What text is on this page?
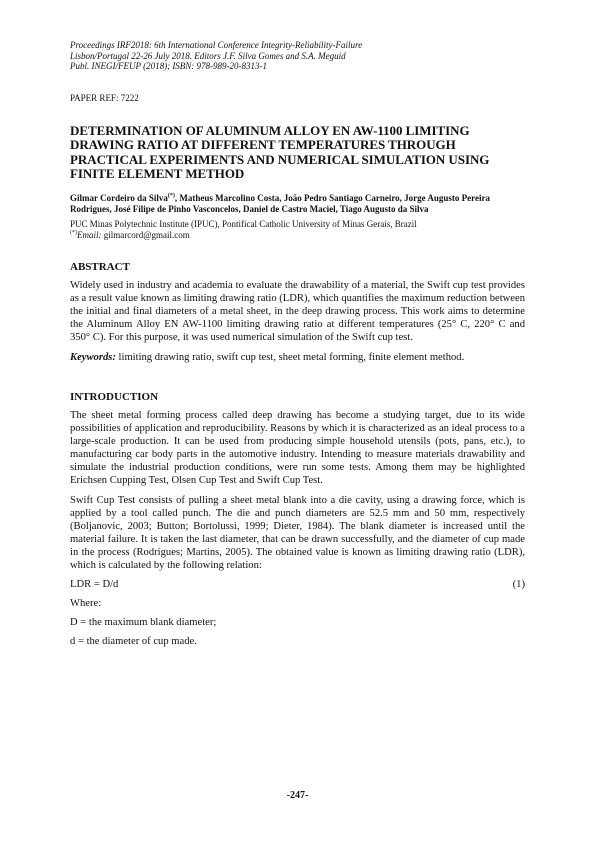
Proceedings IRF2018: 6th International Conference Integrity-Reliability-Failure

Lisbon/Portugal 22-26 July 2018. Editors J.F. Silva Gomes and S.A. Meguid

Publ. INEGI/FEUP (2018); ISBN: 978-989-20-8313-1

PAPER REF: 7222

DETERMINATION OF ALUMINUM ALLOY EN AW-1100 LIMITING DRAWING RATIO AT DIFFERENT TEMPERATURES THROUGH PRACTICAL EXPERIMENTS AND NUMERICAL SIMULATION USING FINITE ELEMENT METHOD

Gilmar Cordeiro da Silva(*), Matheus Marcolino Costa, João Pedro Santiago Carneiro, Jorge Augusto Pereira Rodrigues, José Filipe de Pinho Vasconcelos, Daniel de Castro Maciel, Tiago Augusto da Silva

PUC Minas Polytechnic Institute (IPUC), Pontifical Catholic University of Minas Gerais, Brazil

(*)Email: gilmarcord@gmail.com

ABSTRACT

Widely used in industry and academia to evaluate the drawability of a material, the Swift cup test provides as a result value known as limiting drawing ratio (LDR), which quantifies the maximum reduction between the initial and final diameters of a metal sheet, in the deep drawing process. This work aims to determine the Aluminum Alloy EN AW-1100 limiting drawing ratio at different temperatures (25° C, 220° C and 350° C). For this purpose, it was used numerical simulation of the Swift cup test.

Keywords: limiting drawing ratio, swift cup test, sheet metal forming, finite element method.

INTRODUCTION

The sheet metal forming process called deep drawing has become a studying target, due to its wide possibilities of application and reproducibility. Reasons by which it is characterized as an ideal process to a large-scale production. It can be used from producing simple household utensils (pots, pans, etc.), to manufacturing car body parts in the automotive industry. Intending to measure materials drawability and simulate the industrial production conditions, were run some tests. Among them may be highlighted Erichsen Cupping Test, Olsen Cup Test and Swift Cup Test.

Swift Cup Test consists of pulling a sheet metal blank into a die cavity, using a drawing force, which is applied by a tool called punch. The die and punch diameters are 52.5 mm and 50 mm, respectively (Boljanovic, 2003; Button; Bortolussi, 1999; Dieter, 1984). The blank diameter is increased until the material failure. It is taken the last diameter, that can be drawn successfully, and the diameter of cup made in the process (Rodrigues; Martins, 2005). The obtained value is known as limiting drawing ratio (LDR), which is calculated by the following relation:

LDR = D/d	(1)

Where:

D = the maximum blank diameter;

d = the diameter of cup made.

-247-
